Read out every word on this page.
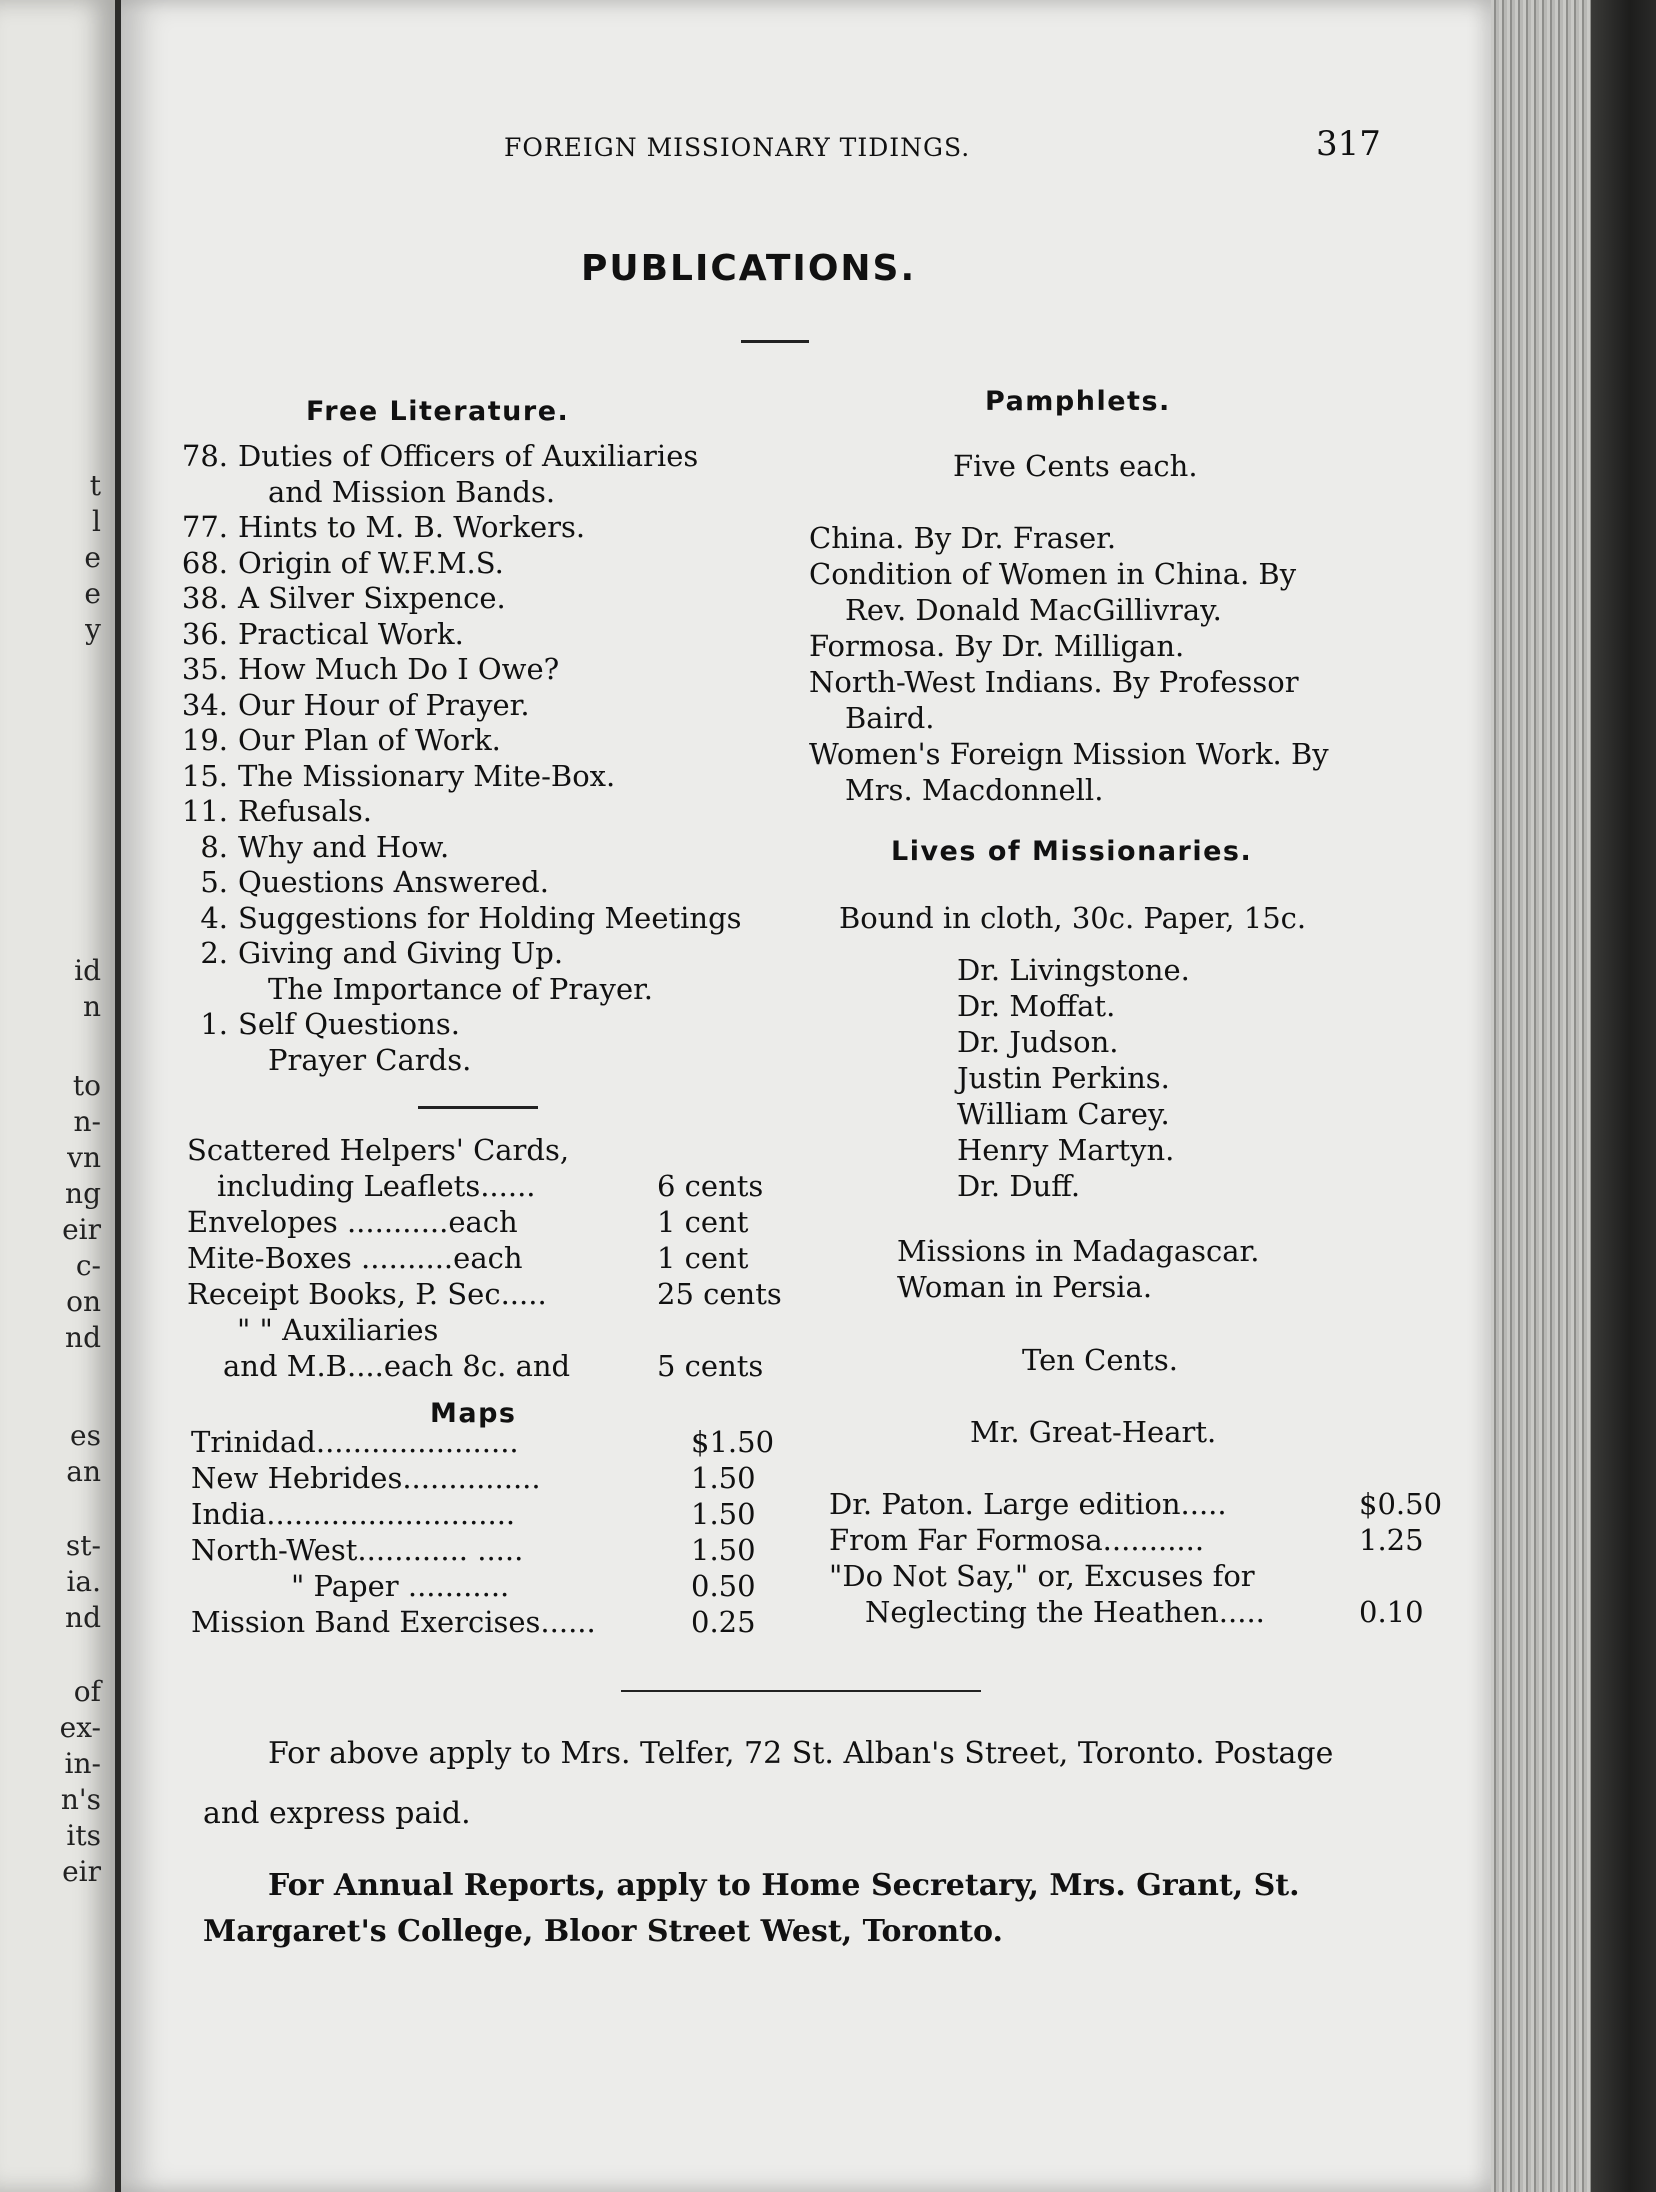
t
l
e
e
y
id
n
to
n-
vn
ng
eir
c-
on
nd
es
an
st-
ia.
nd
of
ex-
in-
n's
its
eir
FOREIGN MISSIONARY TIDINGS.	317
PUBLICATIONS.
Free Literature.
78. Duties of Officers of Auxiliaries
and Mission Bands.
77. Hints to M. B. Workers.
68. Origin of W.F.M.S.
38. A Silver Sixpence.
36. Practical Work.
35. How Much Do I Owe?
34. Our Hour of Prayer.
19. Our Plan of Work.
15. The Missionary Mite-Box.
11. Refusals.
8. Why and How.
5. Questions Answered.
4. Suggestions for Holding Meetings
2. Giving and Giving Up.
The Importance of Prayer.
1. Self Questions.
Prayer Cards.
Scattered Helpers' Cards,
including Leaflets......	6 cents
Envelopes ...........each	1 cent
Mite-Boxes ..........each	1 cent
Receipt Books, P. Sec.....	25 cents
" " Auxiliaries
and M.B....each 8c. and	5 cents
Maps
Trinidad......................	$1.50
New Hebrides...............	1.50
India...........................	1.50
North-West............ .....	1.50
" Paper ...........	0.50
Mission Band Exercises......	0.25
Pamphlets.
Five Cents each.
China. By Dr. Fraser.
Condition of Women in China. By
Rev. Donald MacGillivray.
Formosa. By Dr. Milligan.
North-West Indians. By Professor
Baird.
Women's Foreign Mission Work. By
Mrs. Macdonnell.
Lives of Missionaries.
Bound in cloth, 30c. Paper, 15c.
Dr. Livingstone.
Dr. Moffat.
Dr. Judson.
Justin Perkins.
William Carey.
Henry Martyn.
Dr. Duff.
Missions in Madagascar.
Woman in Persia.
Ten Cents.
Mr. Great-Heart.
Dr. Paton. Large edition.....	$0.50
From Far Formosa...........	1.25
"Do Not Say," or, Excuses for
Neglecting the Heathen.....	0.10
For above apply to Mrs. Telfer, 72 St. Alban's Street, Toronto. Postage
and express paid.
For Annual Reports, apply to Home Secretary, Mrs. Grant, St.
Margaret's College, Bloor Street West, Toronto.
